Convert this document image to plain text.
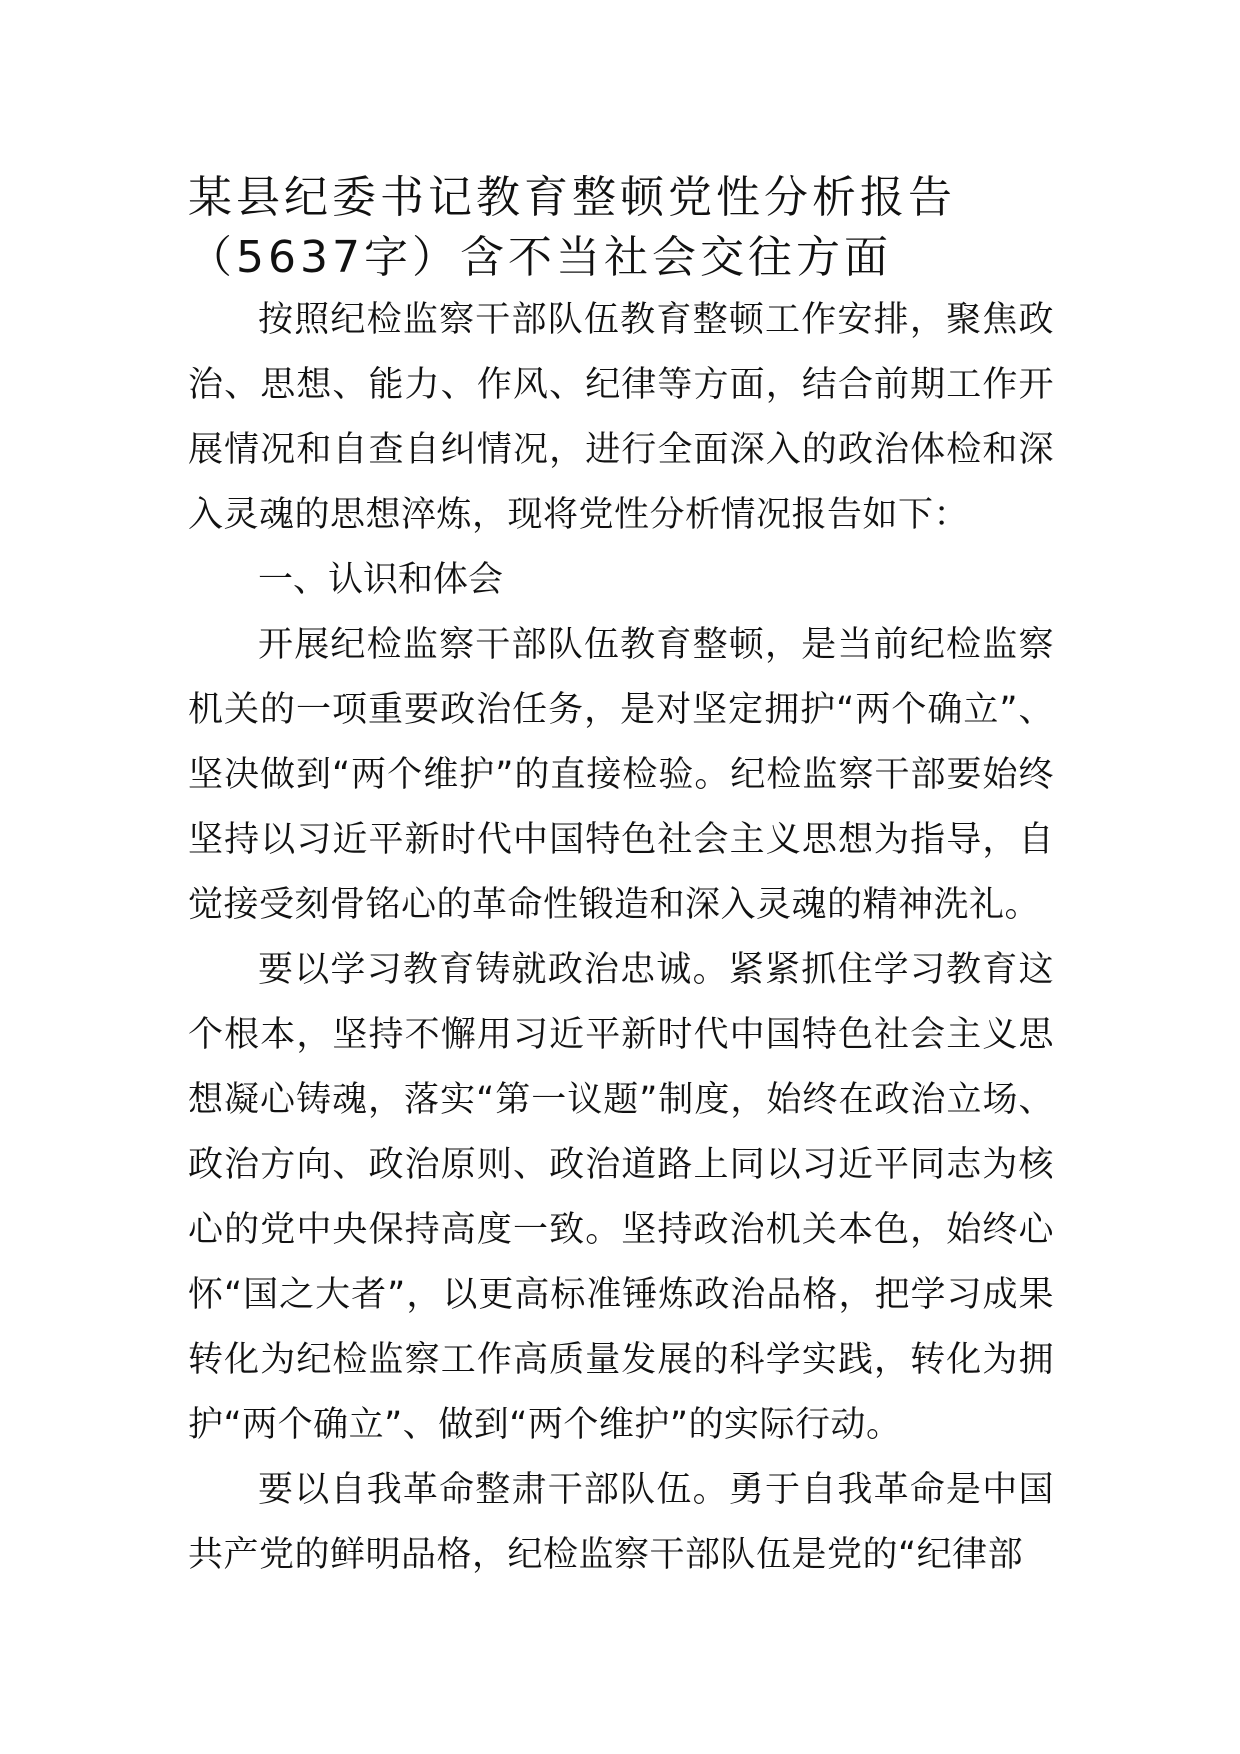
某县纪委书记教育整顿党性分析报告
（5637字）含不当社会交往方面

按照纪检监察干部队伍教育整顿工作安排，聚焦政治、思想、能力、作风、纪律等方面，结合前期工作开展情况和自查自纠情况，进行全面深入的政治体检和深入灵魂的思想淬炼，现将党性分析情况报告如下：

一、认识和体会

开展纪检监察干部队伍教育整顿，是当前纪检监察机关的一项重要政治任务，是对坚定拥护“两个确立”、坚决做到“两个维护”的直接检验。纪检监察干部要始终坚持以习近平新时代中国特色社会主义思想为指导，自觉接受刻骨铭心的革命性锻造和深入灵魂的精神洗礼。

要以学习教育铸就政治忠诚。紧紧抓住学习教育这个根本，坚持不懈用习近平新时代中国特色社会主义思想凝心铸魂，落实“第一议题”制度，始终在政治立场、政治方向、政治原则、政治道路上同以习近平同志为核心的党中央保持高度一致。坚持政治机关本色，始终心怀“国之大者”，以更高标准锤炼政治品格，把学习成果转化为纪检监察工作高质量发展的科学实践，转化为拥护“两个确立”、做到“两个维护”的实际行动。

要以自我革命整肃干部队伍。勇于自我革命是中国共产党的鲜明品格，纪检监察干部队伍是党的“纪律部
